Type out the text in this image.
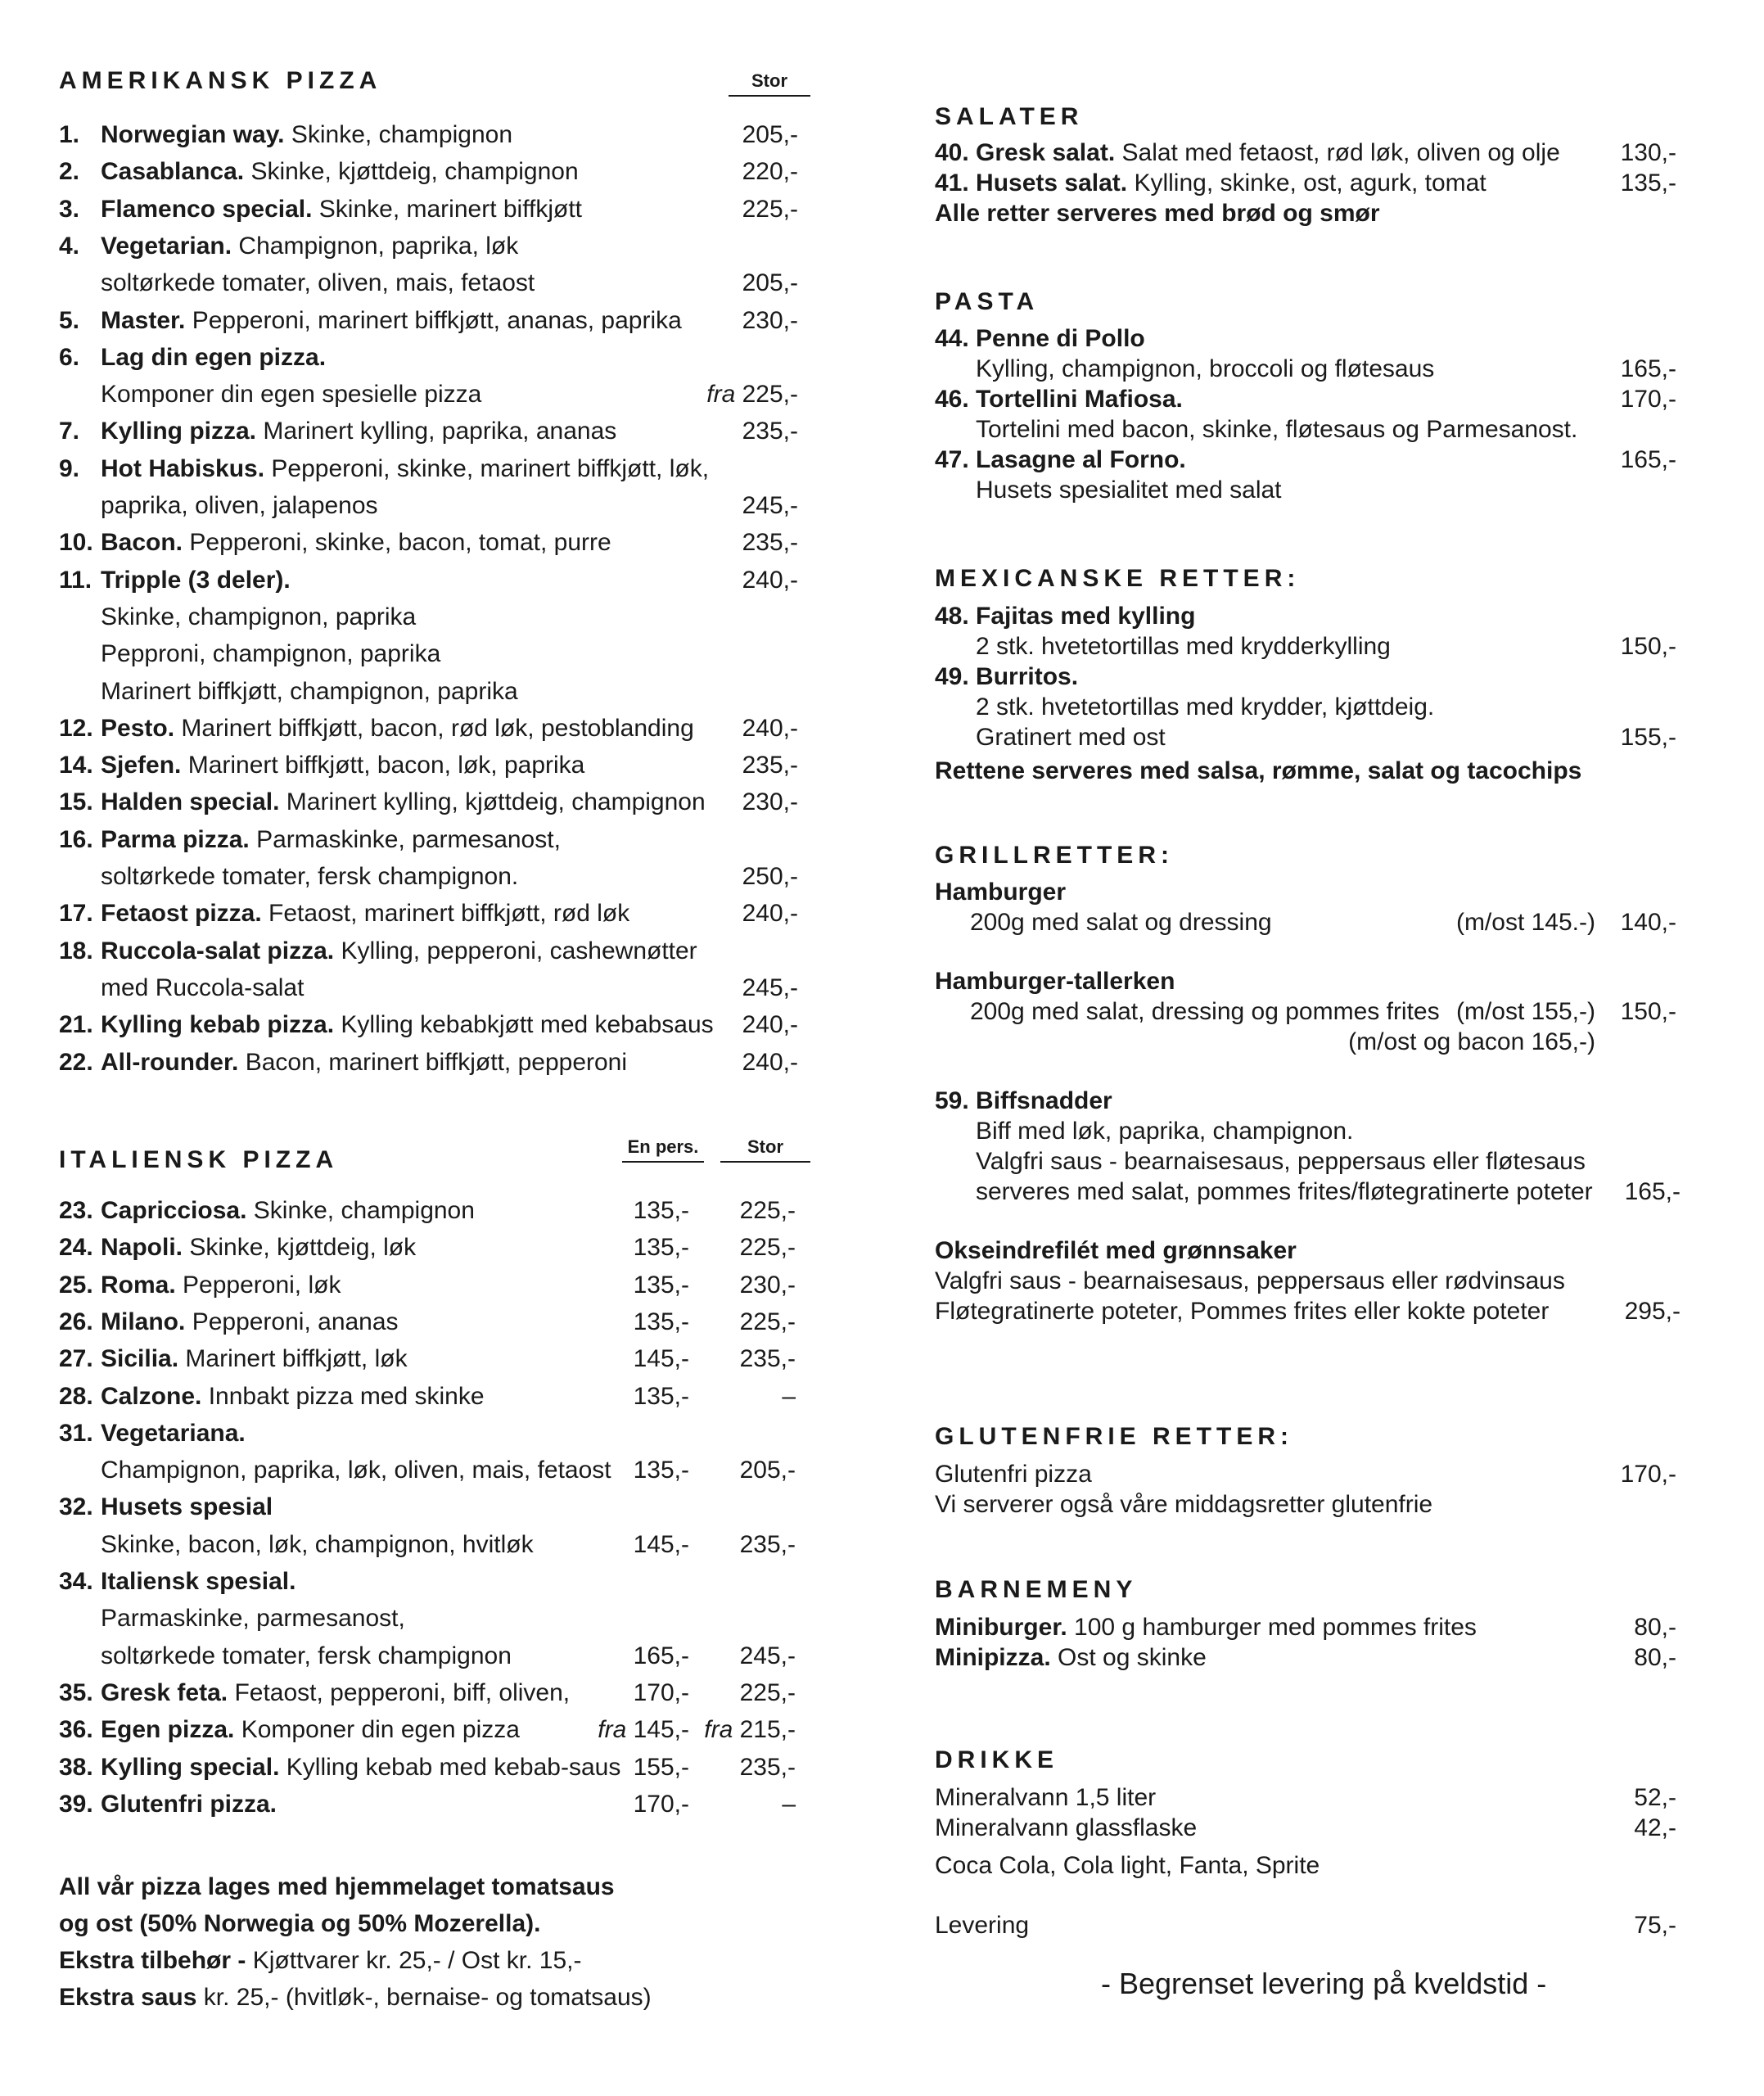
AMERIKANSK PIZZA	Stor
1. Norwegian way. Skinke, champignon	205,-
2. Casablanca. Skinke, kjøttdeig, champignon	220,-
3. Flamenco special. Skinke, marinert biffkjøtt	225,-
4. Vegetarian. Champignon, paprika, løk
soltørkede tomater, oliven, mais, fetaost	205,-
5. Master. Pepperoni, marinert biffkjøtt, ananas, paprika 230,-
6. Lag din egen pizza.
Komponer din egen spesielle pizza	fra 225,-
7. Kylling pizza. Marinert kylling, paprika, ananas	235,-
9. Hot Habiskus. Pepperoni, skinke, marinert biffkjøtt, løk,
paprika, oliven, jalapenos	245,-
10. Bacon. Pepperoni, skinke, bacon, tomat, purre	235,-
11. Tripple (3 deler).	240,-
Skinke, champignon, paprika
Pepproni, champignon, paprika
Marinert biffkjøtt, champignon, paprika
12. Pesto. Marinert biffkjøtt, bacon, rød løk, pestoblanding 240,-
14. Sjefen. Marinert biffkjøtt, bacon, løk, paprika	235,-
15. Halden special. Marinert kylling, kjøttdeig, champignon 230,-
16. Parma pizza. Parmaskinke, parmesanost,
soltørkede tomater, fersk champignon.	250,-
17. Fetaost pizza. Fetaost, marinert biffkjøtt, rød løk	240,-
18. Ruccola-salat pizza. Kylling, pepperoni, cashewnøtter
med Ruccola-salat	245,-
21. Kylling kebab pizza. Kylling kebabkjøtt med kebabsaus 240,-
22. All-rounder. Bacon, marinert biffkjøtt, pepperoni	240,-
ITALIENSK PIZZA	En pers.	Stor
23. Capricciosa. Skinke, champignon	135,- 225,-
24. Napoli. Skinke, kjøttdeig, løk	135,- 225,-
25. Roma. Pepperoni, løk	135,- 230,-
26. Milano. Pepperoni, ananas	135,- 225,-
27. Sicilia. Marinert biffkjøtt, løk	145,- 235,-
28. Calzone. Innbakt pizza med skinke	135,-	–
31. Vegetariana.
Champignon, paprika, løk, oliven, mais, fetaost 135,- 205,-
32. Husets spesial
Skinke, bacon, løk, champignon, hvitløk	145,- 235,-
34. Italiensk spesial.
Parmaskinke, parmesanost,
soltørkede tomater, fersk champignon	165,- 245,-
35. Gresk feta. Fetaost, pepperoni, biff, oliven,	170,- 225,-
36. Egen pizza. Komponer din egen pizza	fra 145,- fra 215,-
38. Kylling special. Kylling kebab med kebab-saus 155,- 235,-
39. Glutenfri pizza.	170,-	–
All vår pizza lages med hjemmelaget tomatsaus
og ost (50% Norwegia og 50% Mozerella).
Ekstra tilbehør - Kjøttvarer kr. 25,- / Ost kr. 15,-
Ekstra saus kr. 25,- (hvitløk-, bernaise- og tomatsaus)
SALATER
40. Gresk salat. Salat med fetaost, rød løk, oliven og olje 130,-
41. Husets salat. Kylling, skinke, ost, agurk, tomat	135,-
Alle retter serveres med brød og smør
PASTA
44. Penne di Pollo
Kylling, champignon, broccoli og fløtesaus	165,-
46. Tortellini Mafiosa.	170,-
Tortelini med bacon, skinke, fløtesaus og Parmesanost.
47. Lasagne al Forno.	165,-
Husets spesialitet med salat
MEXICANSKE RETTER:
48. Fajitas med kylling
2 stk. hvetetortillas med krydderkylling	150,-
49. Burritos.
2 stk. hvetetortillas med krydder, kjøttdeig.
Gratinert med ost	155,-
Rettene serveres med salsa, rømme, salat og tacochips
GRILLRETTER:
Hamburger
200g med salat og dressing	(m/ost 145.-) 140,-
Hamburger-tallerken
200g med salat, dressing og pommes frites (m/ost 155,-) 150,-
(m/ost og bacon 165,-)
59. Biffsnadder
Biff med løk, paprika, champignon.
Valgfri saus - bearnaisesaus, peppersaus eller fløtesaus
serveres med salat, pommes frites/fløtegratinerte poteter 165,-
Okseindrefilét med grønnsaker
Valgfri saus - bearnaisesaus, peppersaus eller rødvinsaus
Fløtegratinerte poteter, Pommes frites eller kokte poteter	295,-
GLUTENFRIE RETTER:
Glutenfri pizza	170,-
Vi serverer også våre middagsretter glutenfrie
BARNEMENY
Miniburger. 100 g hamburger med pommes frites	80,-
Minipizza. Ost og skinke	80,-
DRIKKE
Mineralvann 1,5 liter	52,-
Mineralvann glassflaske	42,-
Coca Cola, Cola light, Fanta, Sprite
Levering	75,-
- Begrenset levering på kveldstid -
